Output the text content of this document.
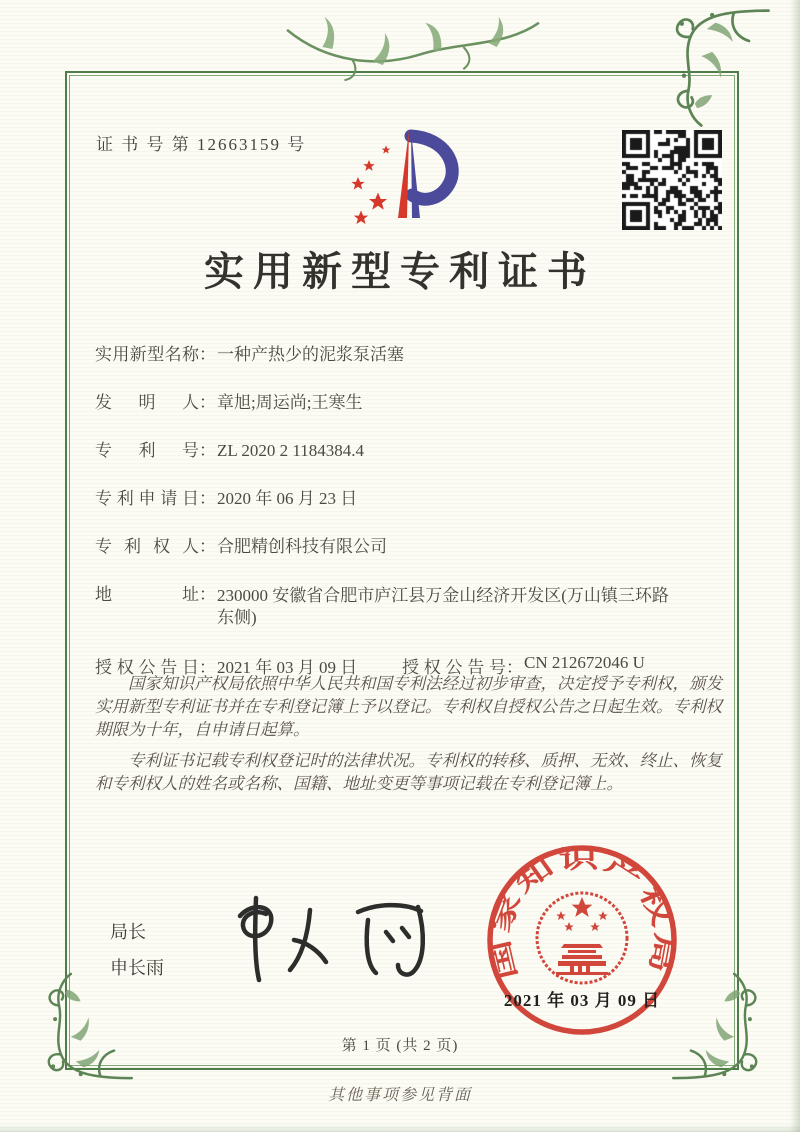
证 书 号 第 12663159 号
实用新型专利证书
实用新型名称 ： 一种产热少的泥浆泵活塞
发明人 ： 章旭;周运尚;王寒生
专利号 ： ZL 2020 2 1184384.4
专利申请日 ： 2020 年 06 月 23 日
专利权人 ： 合肥精创科技有限公司
地址 ： 230000 安徽省合肥市庐江县万金山经济开发区(万山镇三环路东侧)
授权公告日 ： 2021 年 03 月 09 日	授权公告号 ： CN 212672046 U

国家知识产权局依照中华人民共和国专利法经过初步审查，决定授予专利权，颁发实用新型专利证书并在专利登记簿上予以登记。专利权自授权公告之日起生效。专利权期限为十年，自申请日起算。

专利证书记载专利权登记时的法律状况。专利权的转移、质押、无效、终止、恢复和专利权人的姓名或名称、国籍、地址变更等事项记载在专利登记簿上。

局长
申长雨	国家知识产权局
2021 年 03 月 09 日
第 1 页 (共 2 页)
其他事项参见背面
